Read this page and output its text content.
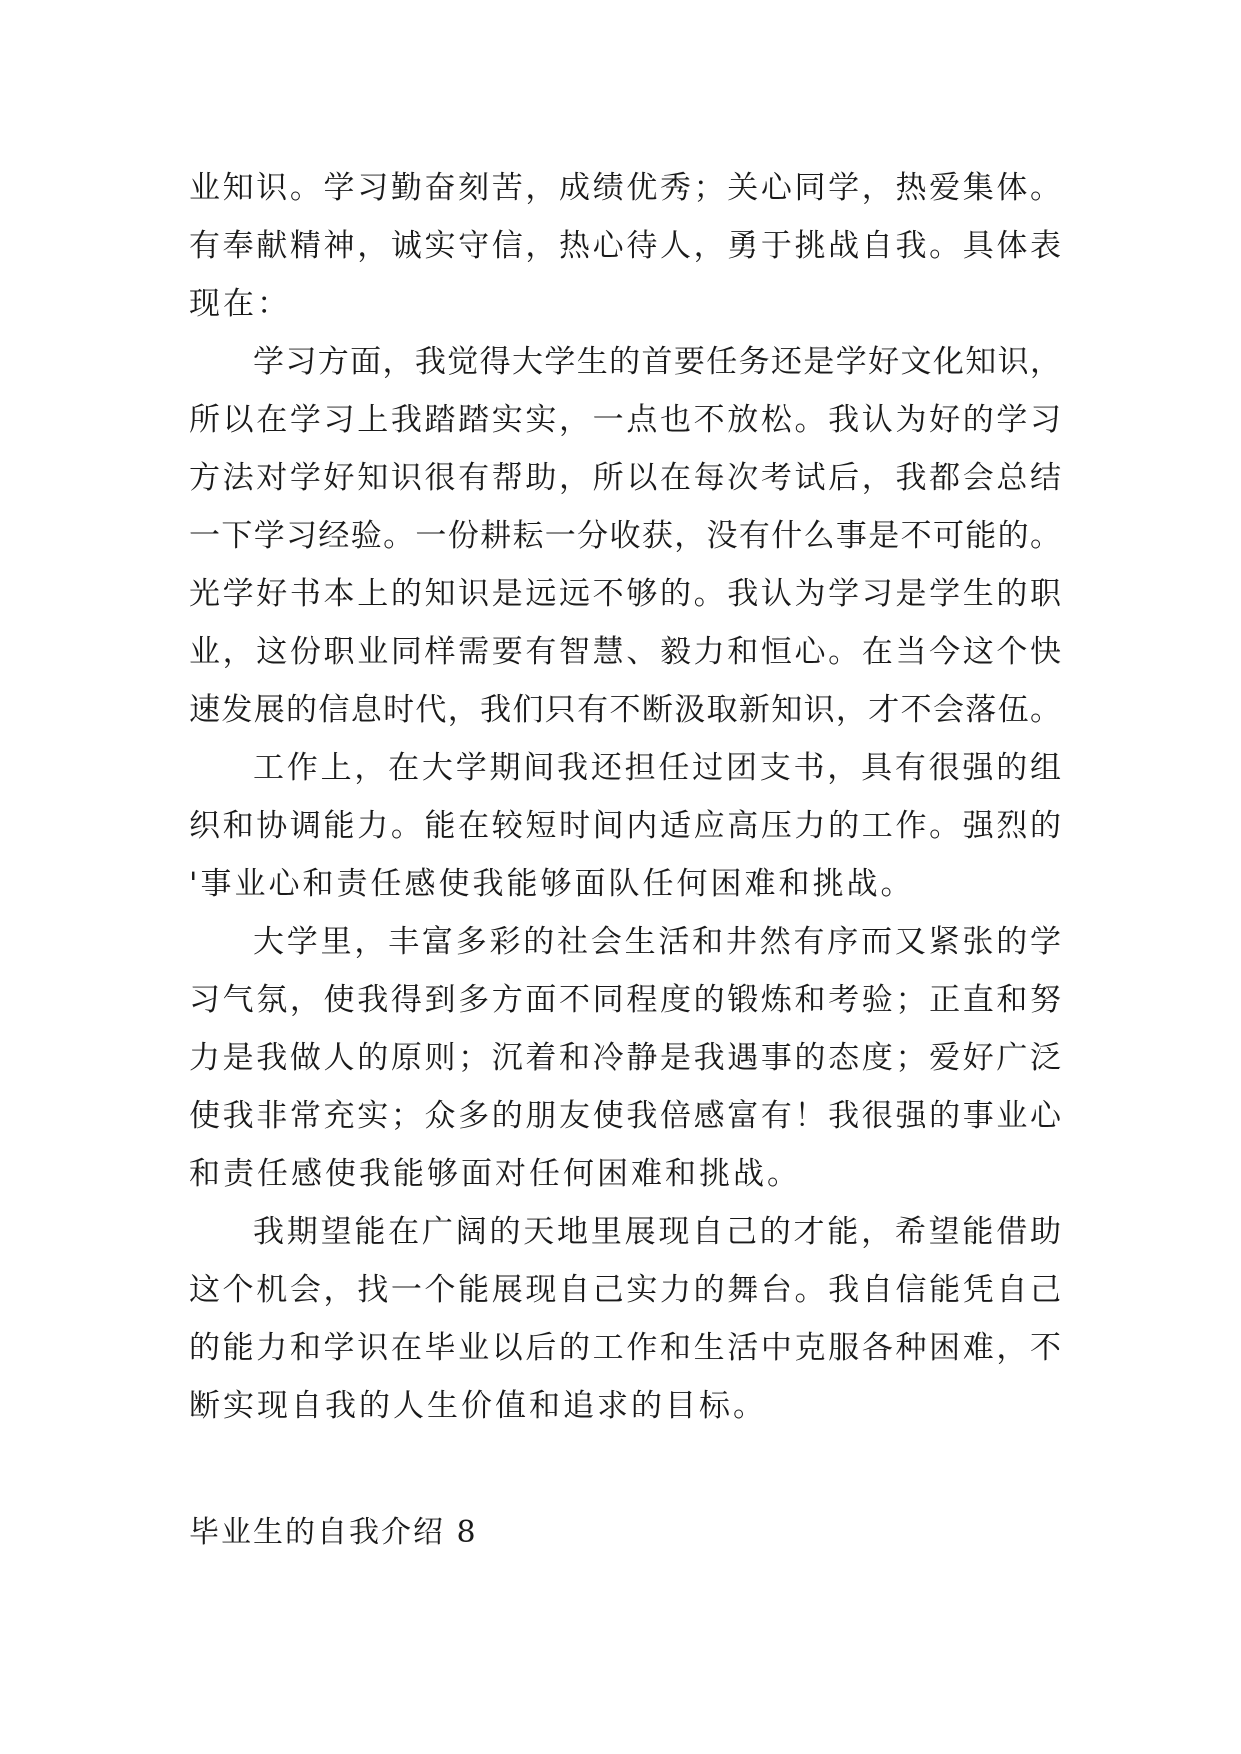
业知识。学习勤奋刻苦，成绩优秀；关心同学，热爱集体。
有奉献精神，诚实守信，热心待人，勇于挑战自我。具体表
现在：
学习方面，我觉得大学生的首要任务还是学好文化知识，
所以在学习上我踏踏实实，一点也不放松。我认为好的学习
方法对学好知识很有帮助，所以在每次考试后，我都会总结
一下学习经验。一份耕耘一分收获，没有什么事是不可能的。
光学好书本上的知识是远远不够的。我认为学习是学生的职
业，这份职业同样需要有智慧、毅力和恒心。在当今这个快
速发展的信息时代，我们只有不断汲取新知识，才不会落伍。
工作上，在大学期间我还担任过团支书，具有很强的组
织和协调能力。能在较短时间内适应高压力的工作。强烈的
'事业心和责任感使我能够面队任何困难和挑战。
大学里，丰富多彩的社会生活和井然有序而又紧张的学
习气氛，使我得到多方面不同程度的锻炼和考验；正直和努
力是我做人的原则；沉着和冷静是我遇事的态度；爱好广泛
使我非常充实；众多的朋友使我倍感富有！我很强的事业心
和责任感使我能够面对任何困难和挑战。
我期望能在广阔的天地里展现自己的才能，希望能借助
这个机会，找一个能展现自己实力的舞台。我自信能凭自己
的能力和学识在毕业以后的工作和生活中克服各种困难，不
断实现自我的人生价值和追求的目标。
毕业生的自我介绍 8
